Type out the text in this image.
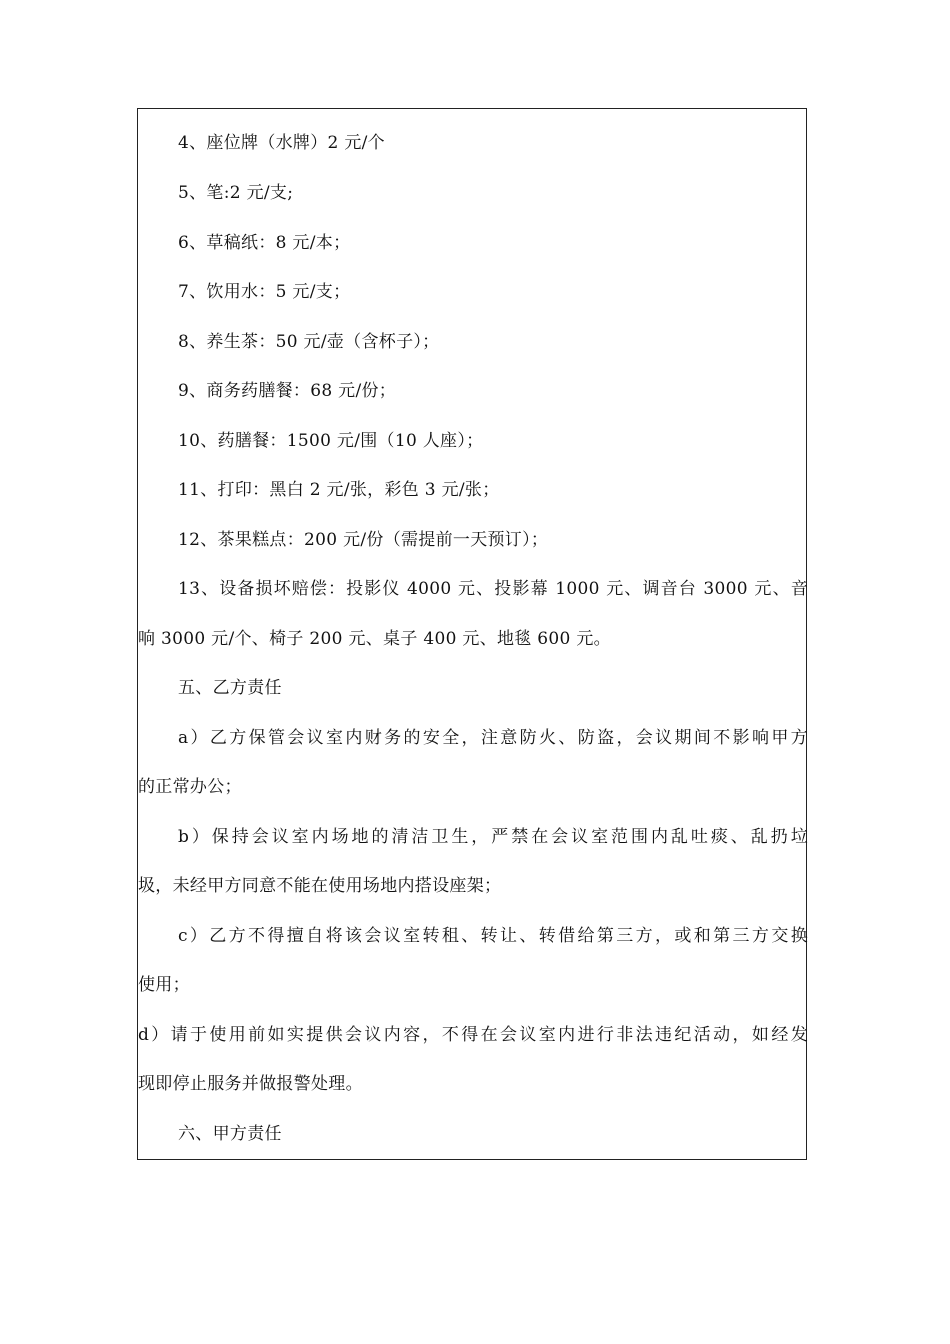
4、座位牌（水牌）2 元/个
5、笔:2 元/支;
6、草稿纸：8 元/本；
7、饮用水：5 元/支；
8、养生茶：50 元/壶（含杯子）；
9、商务药膳餐：68 元/份；
10、药膳餐：1500 元/围（10 人座）；
11、打印：黑白 2 元/张，彩色 3 元/张；
12、茶果糕点：200 元/份（需提前一天预订）；
13、设备损坏赔偿：投影仪 4000 元、投影幕 1000 元、调音台 3000 元、音
响 3000 元/个、椅子 200 元、桌子 400 元、地毯 600 元。
五、乙方责任
a）乙方保管会议室内财务的安全，注意防火、防盗，会议期间不影响甲方
的正常办公；
b）保持会议室内场地的清洁卫生，严禁在会议室范围内乱吐痰、乱扔垃
圾，未经甲方同意不能在使用场地内搭设座架；
c）乙方不得擅自将该会议室转租、转让、转借给第三方，或和第三方交换
使用；
d）请于使用前如实提供会议内容，不得在会议室内进行非法违纪活动，如经发
现即停止服务并做报警处理。
六、甲方责任
